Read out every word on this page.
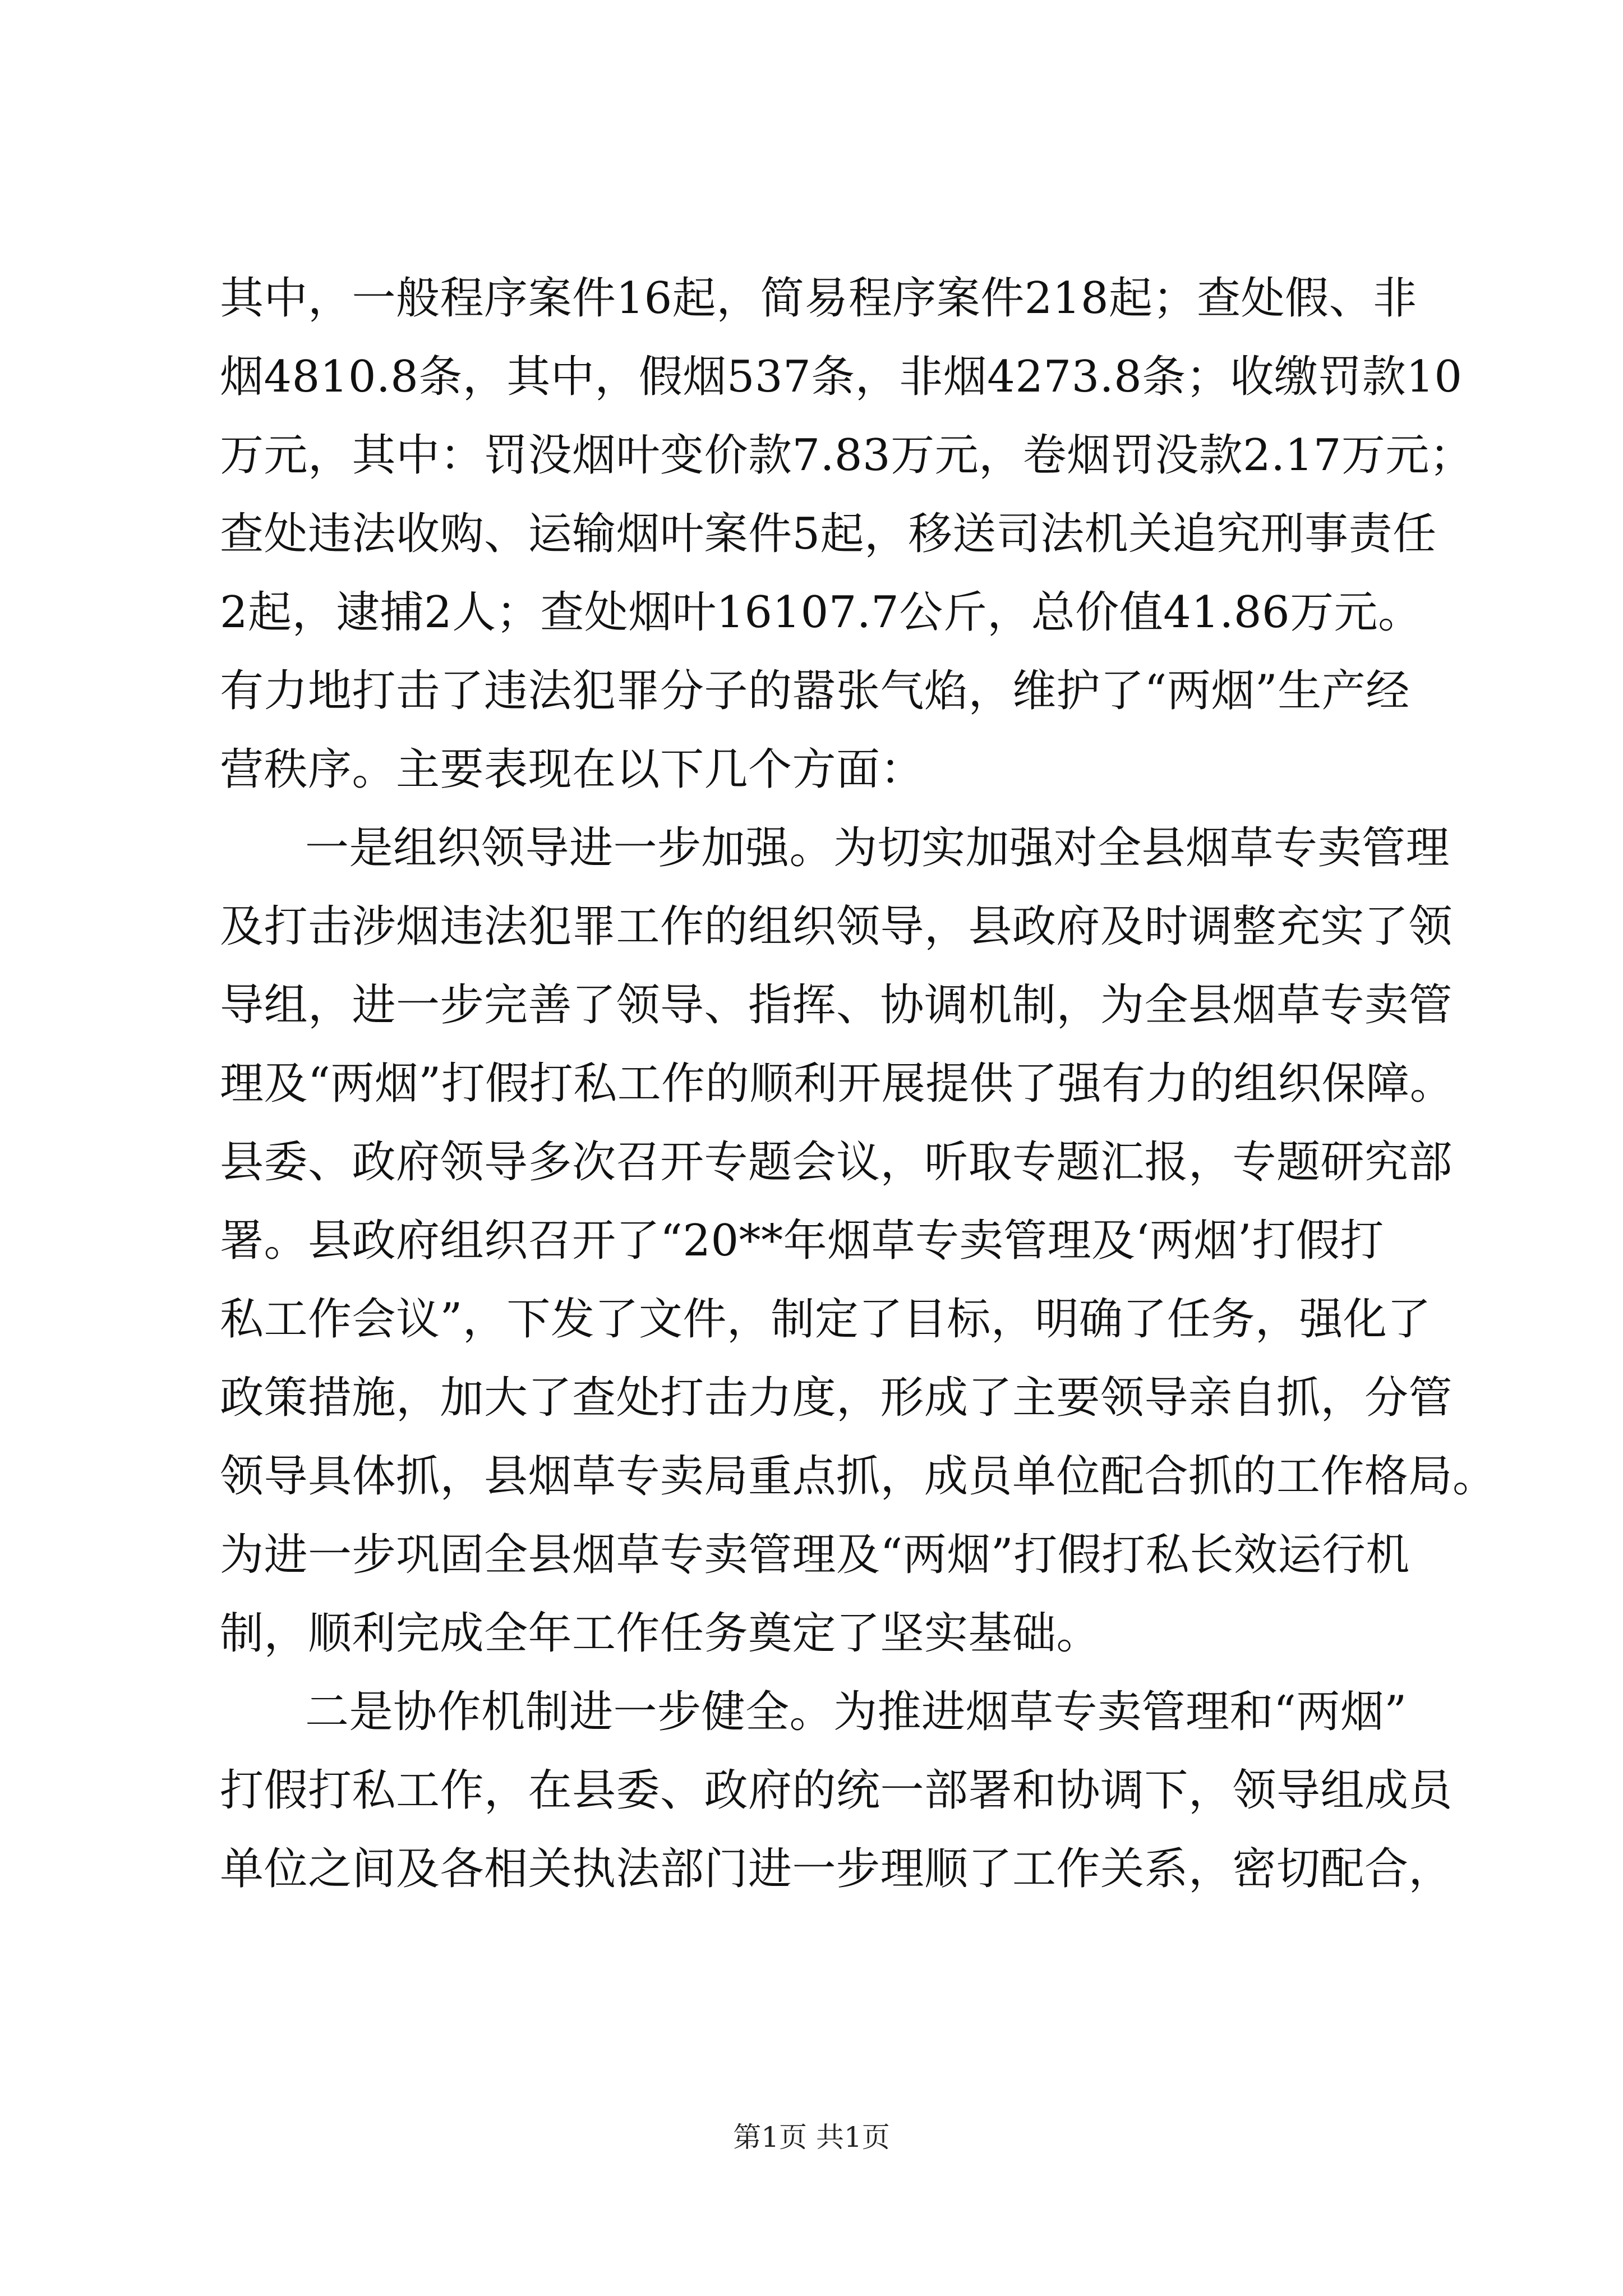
其中，一般程序案件16起，简易程序案件218起；查处假、非
烟4810.8条，其中，假烟537条，非烟4273.8条；收缴罚款10
万元，其中：罚没烟叶变价款7.83万元，卷烟罚没款2.17万元；
查处违法收购、运输烟叶案件5起，移送司法机关追究刑事责任
2起，逮捕2人；查处烟叶16107.7公斤，总价值41.86万元。
有力地打击了违法犯罪分子的嚣张气焰，维护了“两烟”生产经
营秩序。主要表现在以下几个方面：
一是组织领导进一步加强。为切实加强对全县烟草专卖管理
及打击涉烟违法犯罪工作的组织领导，县政府及时调整充实了领
导组，进一步完善了领导、指挥、协调机制，为全县烟草专卖管
理及“两烟”打假打私工作的顺利开展提供了强有力的组织保障。
县委、政府领导多次召开专题会议，听取专题汇报，专题研究部
署。县政府组织召开了“20**年烟草专卖管理及‘两烟’打假打
私工作会议”，下发了文件，制定了目标，明确了任务，强化了
政策措施，加大了查处打击力度，形成了主要领导亲自抓，分管
领导具体抓，县烟草专卖局重点抓，成员单位配合抓的工作格局。
为进一步巩固全县烟草专卖管理及“两烟”打假打私长效运行机
制，顺利完成全年工作任务奠定了坚实基础。
二是协作机制进一步健全。为推进烟草专卖管理和“两烟”
打假打私工作，在县委、政府的统一部署和协调下，领导组成员
单位之间及各相关执法部门进一步理顺了工作关系，密切配合，
第1页 共1页
